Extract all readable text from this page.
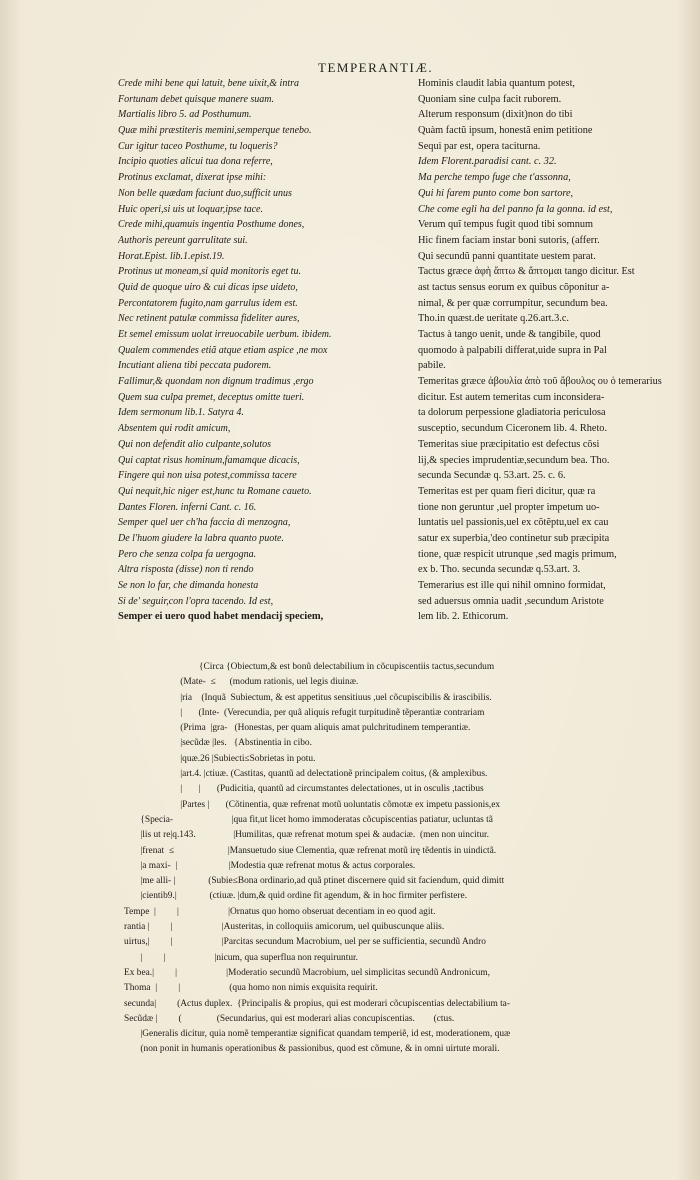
TEMPERANTIÆ.
Crede mihi bene qui latuit, bene uixit,& intra
Fortunam debet quisque manere suam.
Martialis libro 5. ad Posthumum.
Quæ mihi præstiteris memini,semperque tenebo.
Cur igitur taceo Posthume, tu loqueris?
Incipio quoties alicui tua dona referre,
Protinus exclamat, dixerat ipse mihi:
Non belle quædam faciunt duo,sufficit unus
Huic operi,si uis ut loquar,ipse tace.
Crede mihi,quamuis ingentia Posthume dones,
Authoris pereunt garrulitate sui.
Horat.Epist. lib.1.epist.19.
Protinus ut moneam,si quid monitoris eget tu.
Quid de quoque uiro & cui dicas ipse uideto,
Percontatorem fugito,nam garrulus idem est.
Nec retinent patulæ commissa fideliter aures,
Et semel emissum uolat irreuocabile uerbum. ibidem.
Qualem commendes etiã atque etiam aspice ,ne mox
Incutiant aliena tibi peccata pudorem.
Fallimur,& quondam non dignum tradimus ,ergo
Quem sua culpa premet, deceptus omitte tueri.
Idem sermonum lib.1. Satyra 4.
Absentem qui rodit amicum,
Qui non defendit alio culpante,solutos
Qui captat risus hominum,famamque dicacis,
Fingere qui non uisa potest,commissa tacere
Qui nequit,hic niger est,hunc tu Romane caueto.
Dantes Floren. inferni Cant. c. 16.
Semper quel uer ch'ha faccia di menzogna,
De l'huom giudere la labra quanto puote.
Pero che senza colpa fa uergogna.
Altra risposta (disse) non ti rendo
Se non lo far, che dimanda honesta
Si de' seguir,con l'opra tacendo. Id est,
Semper ei uero quod habet mendacij speciem,
Hominis claudit labia quantum potest,
Quoniam sine culpa facit ruborem.
Alterum responsum (dixit)non do tibi
Quàm factũ ipsum, honestã enim petitione
Sequi par est, opera taciturna.
Idem Florent.paradisi cant. c. 32.
Ma perche tempo fuge che t'assonna,
Qui hi farem punto come bon sartore,
Che come egli ha del panno fa la gonna. id est,
Verum quĩ tempus fugit quod tibi somnum
Hic finem faciam instar boni sutoris, (afferr.
Qui secundũ panni quantitate uestem parat.
Tactus græce ἁφὴ ἄπτω & ἅπτομαι tango dicitur. Est
ast tactus sensus eorum ex quibus cõponitur a-
nimal, & per quæ corrumpitur, secundum bea.
Tho.in quæst.de ueritate q.26.art.3.c.
Tactus à tango uenit, unde & tangibile, quod
quomodo à palpabili differat,uide supra in Pal
pabile.
Temeritas græce ἀβουλία ἀπὸ τοῦ ἄβουλος ου ὁ temerarius
dicitur. Est autem temeritas cum inconsidera-
ta dolorum perpessione gladiatoria periculosa
susceptio, secundum Ciceronem lib. 4. Rheto.
Temeritas siue præcipitatio est defectus cõsi
lij,& species imprudentiæ,secundum bea. Tho.
secunda Secundæ q. 53.art. 25. c. 6.
Temeritas est per quam fieri dicitur, quæ ra
tione non geruntur ,uel propter impetum uo-
luntatis uel passionis,uel ex cõtẽptu,uel ex cau
satur ex superbia,'deo continetur sub præcipita
tione, quæ respicit utrunque ,sed magis primum,
ex b. Tho. secunda secundæ q.53.art. 3.
Temerarius est ille qui nihil omnino formidat,
sed aduersus omnia uadit ,secundum Aristote
lem lib. 2. Ethicorum.
{Circa {Obiectum,& est bonũ delectabilium in cõcupiscentiis tactus,secundum
(Mate-  ≤      (modum rationis, uel legis diuinæ.
|ria    (Inquã  Subiectum, & est appetitus sensitiuus ,uel cõcupiscibilis & irascibilis.
|       (Inte-  (Verecundia, per quã aliquis refugit turpitudinẽ tẽperantiæ contrariam
(Prima  |gra-   (Honestas, per quam aliquis amat pulchritudinem temperantiæ.
|secũdæ |les.   {Abstinentia in cibo.
|quæ.26 |Subiecti≤Sobrietas in potu.
|art.4. |ctiuæ. (Castitas, quantũ ad delectationẽ principalem coitus, (& amplexibus.
|       |       (Pudicitia, quantũ ad circumstantes delectationes, ut in osculis ,tactibus
|Partes |       (Cõtinentia, quæ refrenat motũ uoluntatis cõmotæ ex impetu passionis,ex
{Specia-                         |qua fit,ut licet homo immoderatas cõcupiscentias patiatur, ucluntas tã
|lis ut re|q.143.                |Humilitas, quæ refrenat motum spei & audaciæ.  (men non uincitur.
|frenat  ≤                       |Mansuetudo siue Clementia, quæ refrenat motũ irę tẽdentis in uindictã.
|a maxi-  |                      |Modestia quæ refrenat motus & actus corporales.
|me alli- |              (Subie≤Bona ordinario,ad quã ptinet discernere quid sit faciendum, quid dimitt
|cientib9.|              (ctiuæ. |dum,& quid ordine fit agendum, & in hoc firmiter perfistere.
Tempe  |         |                     |Ornatus quo homo obseruat decentiam in eo quod agit.
rantia |         |                     |Austeritas, in colloquiis amicorum, uel quibuscunque aliis.
uirtus,|         |                     |Parcitas secundum Macrobium, uel per se sufficientia, secundũ Andro
|         |                     |nicum, qua superflua non requiruntur.
Ex bea.|         |                     |Moderatio secundũ Macrobium, uel simplicitas secundũ Andronicum,
Thoma  |         |                     (qua homo non nimis exquisita requirit.
secunda|         (Actus duplex.  {Principalis & propius, qui est moderari cõcupiscentias delectabilium ta-
Secũdæ |         (               (Secundarius, qui est moderari alias concupiscentias.        (ctus.
|Generalis dicitur, quia nomẽ temperantiæ significat quandam temperiẽ, id est, moderationem, quæ
(non ponit in humanis operationibus & passionibus, quod est cõmune, & in omni uirtute morali.
